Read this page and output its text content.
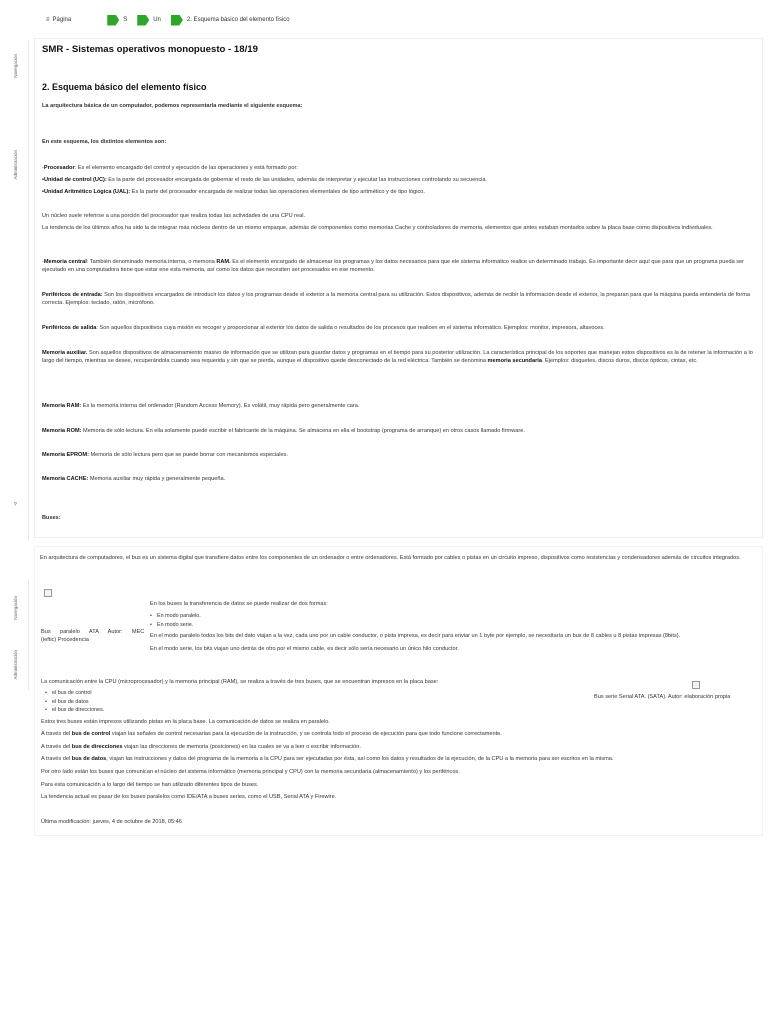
≡ Página	S	Un	2. Esquema básico del elemento físico
Navegación
Administración
-0
Navegación
Administración
SMR - Sistemas operativos monopuesto - 18/19
2. Esquema básico del elemento físico
La arquitectura básica de un computador, podemos representarla mediante el siguiente esquema:
En este esquema, los distintos elementos son:
-Procesador: Es el elemento encargado del control y ejecución de las operaciones y está formado por:
•Unidad de control (UC): Es la parte del procesador encargada de gobernar el resto de las unidades, además de interpretar y ejecutar las instrucciones controlando su secuencia.
•Unidad Aritmético Lógica (UAL): Es la parte del procesador encargada de realizar todas las operaciones elementales de tipo aritmético y de tipo lógico.
Un núcleo suele referirse a una porción del procesador que realiza todas las actividades de una CPU real.
La tendencia de los últimos años ha sido la de integrar más núcleos dentro de un mismo empaque, además de componentes como memorias Cache y controladores de memoria, elementos que antes estaban montados sobre la placa base como dispositivos individuales.
-Memoria central: También denominado memoria interna, o memoria RAM. Es el elemento encargado de almacenar los programas y los datos necesarios para que ele sistema informático realice un determinado trabajo. Es importante decir aquí que para que un programa pueda ser ejecutado en una computadora tiene que estar ene esta memoria, así como los datos que necesiten ser procesados en ese momento.
Periféricos de entrada: Son los dispositivos encargados de introducir los datos y los programas desde el exterior a la memoria central para su utilización. Estos dispositivos, además de recibir la información desde el exterior, la preparan para que la máquina pueda entenderla de forma correcta. Ejemplos: teclado, ratón, micrófono.
Periféricos de salida: Son aquellos dispositivos cuya misión es recoger y proporcionar al exterior los datos de salida o resultados de los procesos que realicen en el sistema informático. Ejemplos: monitor, impresora, altavoces.
Memoria auxiliar. Son aquellos dispositivos de almacenamiento masivo de información que se utilizan para guardar datos y programas en el tiempo para su posterior utilización. La característica principal de los soportes que manejan estos dispositivos es la de retener la información a lo largo del tiempo, mientras se desee, recuperándola cuando sea requerida y sin que se pierda, aunque el dispositivo quede desconectado de la red eléctrica. También se denomina memoria secundaria. Ejemplos: disquetes, discos duros, discos ópticos, cintas, etc.
Memoria RAM: Es la memoria interna del ordenador (Random Access Memory). Es volátil, muy rápida pero generalmente cara.
Memoria ROM: Memoria de sólo lectura. En ella solamente puede escribir el fabricante de la máquina. Se almacena en ella el bootstrap (programa de arranque) en otros casos llamado firmware.
Memoria EPROM: Memoria de sólo lectura pero que se puede borrar con mecanismos especiales.
Memoria CACHE: Memoria auxiliar muy rápida y generalmente pequeña.
Buses:
En arquitectura de computadores, el bus es un sistema digital que transfiere datos entre los componentes de un ordenador o entre ordenadores. Está formado por cables o pistas en un circuito impreso, dispositivos como resistencias y condensadores además de circuitos integrados.
En los buses la transferencia de datos se puede realizar de dos formas:
• En modo paralelo.
• En modo serie.
Bus      paralelo      ATA      Autor:      MEC
(ieftic) Procedencia
En el modo paralelo todos los bits del dato viajan a la vez, cada uno por un cable conductor, o pista impresa, es decir para enviar un 1 byte por ejemplo, se necesitaría un bus de 8 cables u 8 pistas impresas (8bits).
En el modo serie, los bits viajan uno detrás de otro por el mismo cable, es decir sólo sería necesario un único hilo conductor.
La comunicación entre la CPU (microprocesador) y la memoria principal (RAM), se realiza a través de tres buses, que se encuentran impresos en la placa base:
• el bus de control
• el bus de datos
• el bus de direcciones.
Bus serie Serial ATA. (SATA). Autor: elaboración propia
Estos tres buses están impresos utilizando pistas en la placa base. La comunicación de datos se realiza en paralelo.
A través del bus de control viajan las señales de control necesarias para la ejecución de la instrucción, y se controla todo el proceso de ejecución para que todo funcione correctamente.
A través del bus de direcciones viajan las direcciones de memoria (posiciones) en las cuales se va a leer o escribir información.
A través del bus de datos, viajan las instrucciones y datos del programa de la memoria a la CPU para ser ejecutadas por ésta, así como los datos y resultados de la ejecución, de la CPU a la memoria para ser escritos en la misma.
Por otro lado están los buses que comunican el núcleo del sistema informático (memoria principal y CPU) con la memoria secundaria (almacenamiento) y los periféricos.
Para esta comunicación a lo largo del tiempo se han utilizado diferentes tipos de buses.
La tendencia actual es pasar de los buses paralelos como IDE/ATA a buses series, como el USB, Serial ATA y Firewire.
Última modificación: jueves, 4 de octubre de 2018, 05:46
